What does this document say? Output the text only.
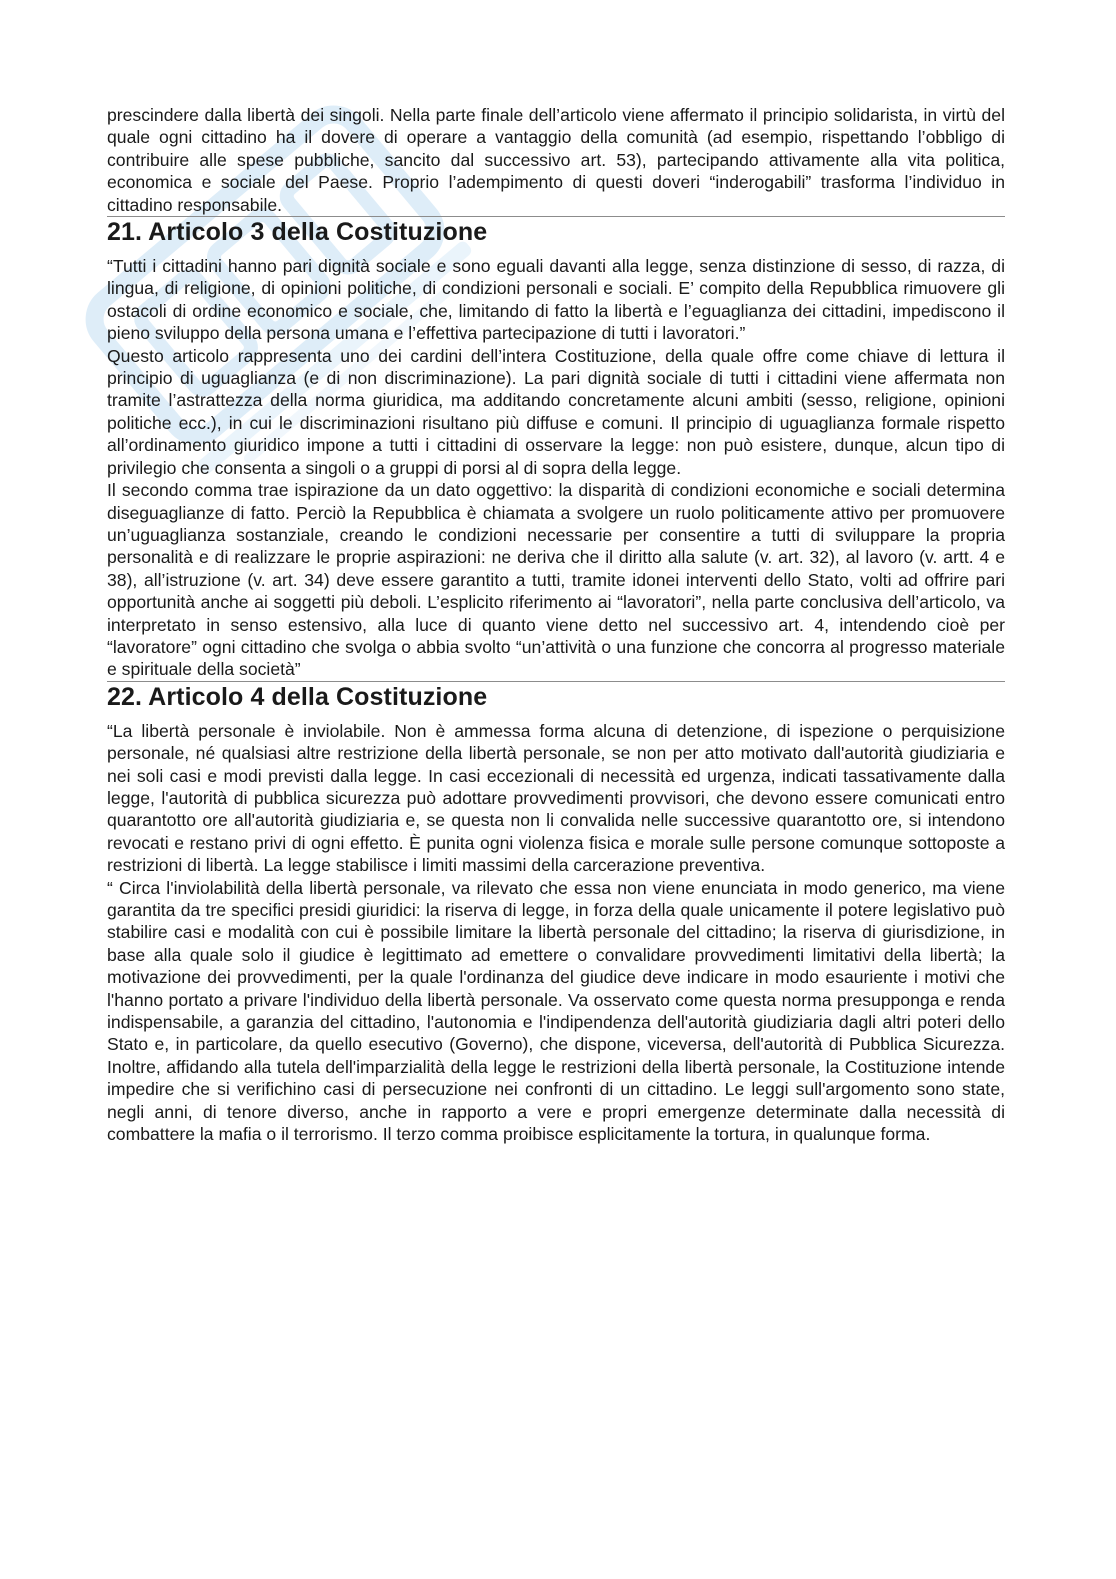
prescindere dalla libertà dei singoli. Nella parte finale dell’articolo viene affermato il principio solidarista, in virtù del quale ogni cittadino ha il dovere di operare a vantaggio della comunità (ad esempio, rispettando l’obbligo di contribuire alle spese pubbliche, sancito dal successivo art. 53), partecipando attivamente alla vita politica, economica e sociale del Paese. Proprio l’adempimento di questi doveri “inderogabili” trasforma l’individuo in cittadino responsabile.

21. Articolo 3 della Costituzione

“Tutti i cittadini hanno pari dignità sociale e sono eguali davanti alla legge, senza distinzione di sesso, di razza, di lingua, di religione, di opinioni politiche, di condizioni personali e sociali. E’ compito della Repubblica rimuovere gli ostacoli di ordine economico e sociale, che, limitando di fatto la libertà e l’eguaglianza dei cittadini, impediscono il pieno sviluppo della persona umana e l’effettiva partecipazione di tutti i lavoratori.”

Questo articolo rappresenta uno dei cardini dell’intera Costituzione, della quale offre come chiave di lettura il principio di uguaglianza (e di non discriminazione). La pari dignità sociale di tutti i cittadini viene affermata non tramite l’astrattezza della norma giuridica, ma additando concretamente alcuni ambiti (sesso, religione, opinioni politiche ecc.), in cui le discriminazioni risultano più diffuse e comuni. Il principio di uguaglianza formale rispetto all’ordinamento giuridico impone a tutti i cittadini di osservare la legge: non può esistere, dunque, alcun tipo di privilegio che consenta a singoli o a gruppi di porsi al di sopra della legge.

Il secondo comma trae ispirazione da un dato oggettivo: la disparità di condizioni economiche e sociali determina diseguaglianze di fatto. Perciò la Repubblica è chiamata a svolgere un ruolo politicamente attivo per promuovere un’uguaglianza sostanziale, creando le condizioni necessarie per consentire a tutti di sviluppare la propria personalità e di realizzare le proprie aspirazioni: ne deriva che il diritto alla salute (v. art. 32), al lavoro (v. artt. 4 e 38), all’istruzione (v. art. 34) deve essere garantito a tutti, tramite idonei interventi dello Stato, volti ad offrire pari opportunità anche ai soggetti più deboli. L’esplicito riferimento ai “lavoratori”, nella parte conclusiva dell’articolo, va interpretato in senso estensivo, alla luce di quanto viene detto nel successivo art. 4, intendendo cioè per “lavoratore” ogni cittadino che svolga o abbia svolto “un’attività o una funzione che concorra al progresso materiale e spirituale della società”

22. Articolo 4 della Costituzione

“La libertà personale è inviolabile. Non è ammessa forma alcuna di detenzione, di ispezione o perquisizione personale, né qualsiasi altre restrizione della libertà personale, se non per atto motivato dall'autorità giudiziaria e nei soli casi e modi previsti dalla legge. In casi eccezionali di necessità ed urgenza, indicati tassativamente dalla legge, l'autorità di pubblica sicurezza può adottare provvedimenti provvisori, che devono essere comunicati entro quarantotto ore all'autorità giudiziaria e, se questa non li convalida nelle successive quarantotto ore, si intendono revocati e restano privi di ogni effetto. È punita ogni violenza fisica e morale sulle persone comunque sottoposte a restrizioni di libertà. La legge stabilisce i limiti massimi della carcerazione preventiva.

“ Circa l'inviolabilità della libertà personale, va rilevato che essa non viene enunciata in modo generico, ma viene garantita da tre specifici presidi giuridici: la riserva di legge, in forza della quale unicamente il potere legislativo può stabilire casi e modalità con cui è possibile limitare la libertà personale del cittadino; la riserva di giurisdizione, in base alla quale solo il giudice è legittimato ad emettere o convalidare provvedimenti limitativi della libertà; la motivazione dei provvedimenti, per la quale l'ordinanza del giudice deve indicare in modo esauriente i motivi che l'hanno portato a privare l'individuo della libertà personale. Va osservato come questa norma presupponga e renda indispensabile, a garanzia del cittadino, l'autonomia e l'indipendenza dell'autorità giudiziaria dagli altri poteri dello Stato e, in particolare, da quello esecutivo (Governo), che dispone, viceversa, dell'autorità di Pubblica Sicurezza. Inoltre, affidando alla tutela dell'imparzialità della legge le restrizioni della libertà personale, la Costituzione intende impedire che si verifichino casi di persecuzione nei confronti di un cittadino. Le leggi sull'argomento sono state, negli anni, di tenore diverso, anche in rapporto a vere e propri emergenze determinate dalla necessità di combattere la mafia o il terrorismo. Il terzo comma proibisce esplicitamente la tortura, in qualunque forma.
